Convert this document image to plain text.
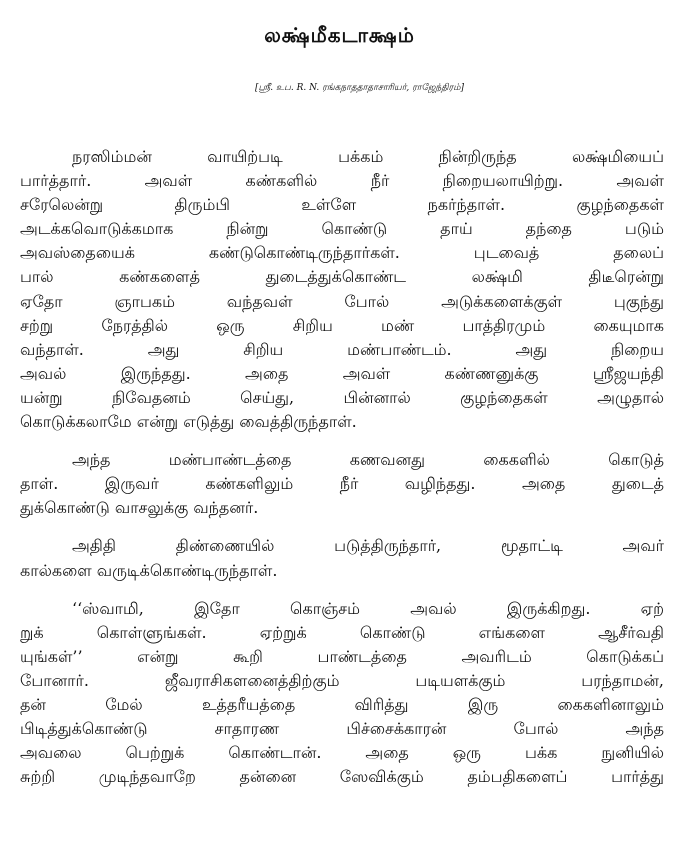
லக்ஷ்மீகடாக்ஷம்
[ஸ்ரீ. உப. R. N. ரங்கநாததாதாசாரியர், ராஜேந்திரம்]
நரஸிம்மன் வாயிற்படி பக்கம் நின்றிருந்த லக்ஷ்மியைப்
பார்த்தார். அவள் கண்களில் நீர் நிறையலாயிற்று. அவள்
சரேலென்று திரும்பி உள்ளே நகர்ந்தாள். குழந்தைகள்
அடக்கவொடுக்கமாக நின்று கொண்டு தாய் தந்தை படும்
அவஸ்தையைக் கண்டுகொண்டிருந்தார்கள். புடவைத் தலைப்
பால் கண்களைத் துடைத்துக்கொண்ட லக்ஷ்மி திடீரென்று
ஏதோ ஞாபகம் வந்தவள் போல் அடுக்களைக்குள் புகுந்து
சற்று நேரத்தில் ஒரு சிறிய மண் பாத்திரமும் கையுமாக
வந்தாள். அது சிறிய மண்பாண்டம். அது நிறைய
அவல் இருந்தது. அதை அவள் கண்ணனுக்கு ஸ்ரீஜயந்தி
யன்று நிவேதனம் செய்து, பின்னால் குழந்தைகள் அழுதால்
கொடுக்கலாமே என்று எடுத்து வைத்திருந்தாள்.
அந்த மண்பாண்டத்தை கணவனது கைகளில் கொடுத்
தாள். இருவர் கண்களிலும் நீர் வழிந்தது. அதை துடைத்
துக்கொண்டு வாசலுக்கு வந்தனர்.
அதிதி திண்ணையில் படுத்திருந்தார், மூதாட்டி அவர்
கால்களை வருடிக்கொண்டிருந்தாள்.
‘‘ஸ்வாமி, இதோ கொஞ்சம் அவல் இருக்கிறது. ஏற்
றுக் கொள்ளுங்கள். ஏற்றுக் கொண்டு எங்களை ஆசீர்வதி
யுங்கள்’’ என்று கூறி பாண்டத்தை அவரிடம் கொடுக்கப்
போனார். ஜீவராசிகளனைத்திற்கும் படியளக்கும் பரந்தாமன்,
தன் மேல் உத்தரீயத்தை விரித்து இரு கைகளினாலும்
பிடித்துக்கொண்டு சாதாரண பிச்சைக்காரன் போல் அந்த
அவலை பெற்றுக் கொண்டான். அதை ஒரு பக்க நுனியில்
சுற்றி முடிந்தவாறே தன்னை ஸேவிக்கும் தம்பதிகளைப் பார்த்து
